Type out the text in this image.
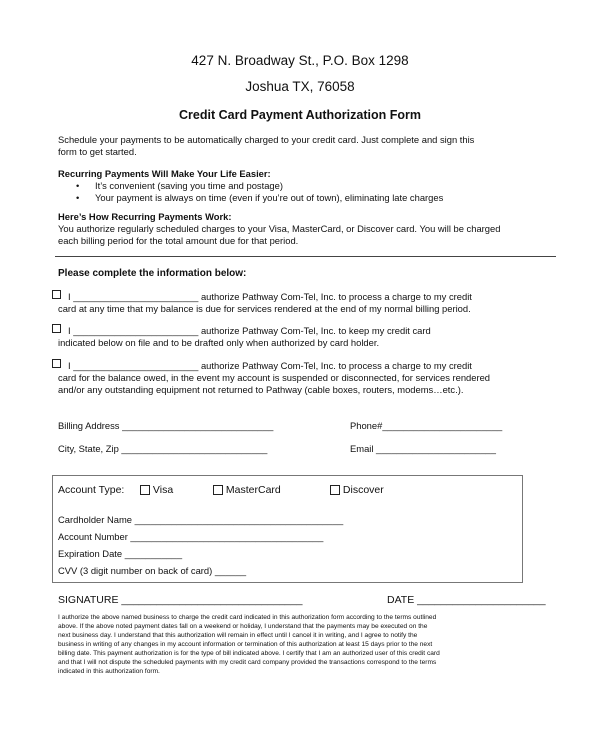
427 N. Broadway St., P.O. Box 1298
Joshua TX, 76058
Credit Card Payment Authorization Form
Schedule your payments to be automatically charged to your credit card. Just complete and sign this
form to get started.
Recurring Payments Will Make Your Life Easier:
• It’s convenient (saving you time and postage)
• Your payment is always on time (even if you’re out of town), eliminating late charges
Here’s How Recurring Payments Work:
You authorize regularly scheduled charges to your Visa, MasterCard, or Discover card. You will be charged
each billing period for the total amount due for that period.
Please complete the information below:
I ________________________ authorize Pathway Com-Tel, Inc. to process a charge to my credit
card at any time that my balance is due for services rendered at the end of my normal billing period.
I ________________________ authorize Pathway Com-Tel, Inc. to keep my credit card
indicated below on file and to be drafted only when authorized by card holder.
I ________________________ authorize Pathway Com-Tel, Inc. to process a charge to my credit
card for the balance owed, in the event my account is suspended or disconnected, for services rendered
and/or any outstanding equipment not returned to Pathway (cable boxes, routers, modems…etc.).
Billing Address _____________________________	Phone#_______________________
City, State, Zip ____________________________	Email _______________________
Account Type:	Visa	MasterCard	Discover
Cardholder Name ________________________________________
Account Number _____________________________________
Expiration Date ___________
CVV (3 digit number on back of card) ______
SIGNATURE _______________________________	DATE ______________________
I authorize the above named business to charge the credit card indicated in this authorization form according to the terms outlined
above. If the above noted payment dates fall on a weekend or holiday, I understand that the payments may be executed on the
next business day. I understand that this authorization will remain in effect until I cancel it in writing, and I agree to notify the
business in writing of any changes in my account information or termination of this authorization at least 15 days prior to the next
billing date. This payment authorization is for the type of bill indicated above. I certify that I am an authorized user of this credit card
and that I will not dispute the scheduled payments with my credit card company provided the transactions correspond to the terms
indicated in this authorization form.
